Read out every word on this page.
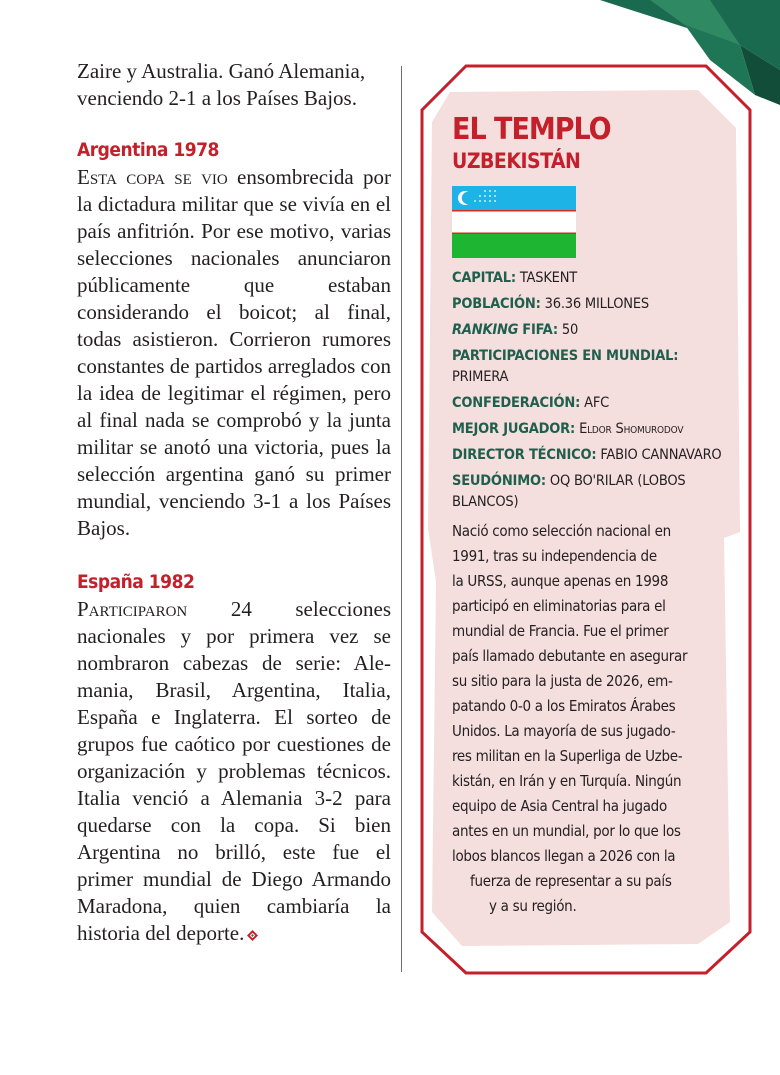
Zaire y Australia. Ganó Alemania,
venciendo 2-1 a los Países Bajos.

Argentina 1978

Esta copa se vio ensombrecida por la dictadura militar que se vivía en el país anfitrión. Por ese motivo, varias selecciones nacionales anunciaron públicamente que estaban considerando el boicot; al final, todas asistieron. Corrieron rumores constantes de partidos arreglados con la idea de legitimar el régimen, pero al final nada se comprobó y la junta militar se anotó una victoria, pues la selección argentina ganó su primer mundial, venciendo 3-1 a los Países Bajos.

España 1982

Participaron 24 selecciones nacionales y por primera vez se nombraron cabezas de serie: Alemania, Brasil, Argentina, Italia, España e Inglaterra. El sorteo de grupos fue caótico por cuestiones de organización y problemas técnicos. Italia venció a Alemania 3-2 para quedarse con la copa. Si bien Argentina no brilló, este fue el primer mundial de Diego Armando Maradona, quien cambiaría la historia del deporte.

EL TEMPLO
UZBEKISTÁN
CAPITAL: TASKENT
POBLACIÓN: 36.36 MILLONES
RANKING FIFA: 50
PARTICIPACIONES EN MUNDIAL:
PRIMERA
CONFEDERACIÓN: AFC
MEJOR JUGADOR: Eldor Shomurodov
DIRECTOR TÉCNICO: FABIO CANNAVARO
SEUDÓNIMO: OQ BO'RILAR (LOBOS BLANCOS)
Nació como selección nacional en
1991, tras su independencia de
la URSS, aunque apenas en 1998
participó en eliminatorias para el
mundial de Francia. Fue el primer
país llamado debutante en asegurar
su sitio para la justa de 2026, em-
patando 0-0 a los Emiratos Árabes
Unidos. La mayoría de sus jugado-
res militan en la Superliga de Uzbe-
kistán, en Irán y en Turquía. Ningún
equipo de Asia Central ha jugado
antes en un mundial, por lo que los
lobos blancos llegan a 2026 con la
fuerza de representar a su país
y a su región.
